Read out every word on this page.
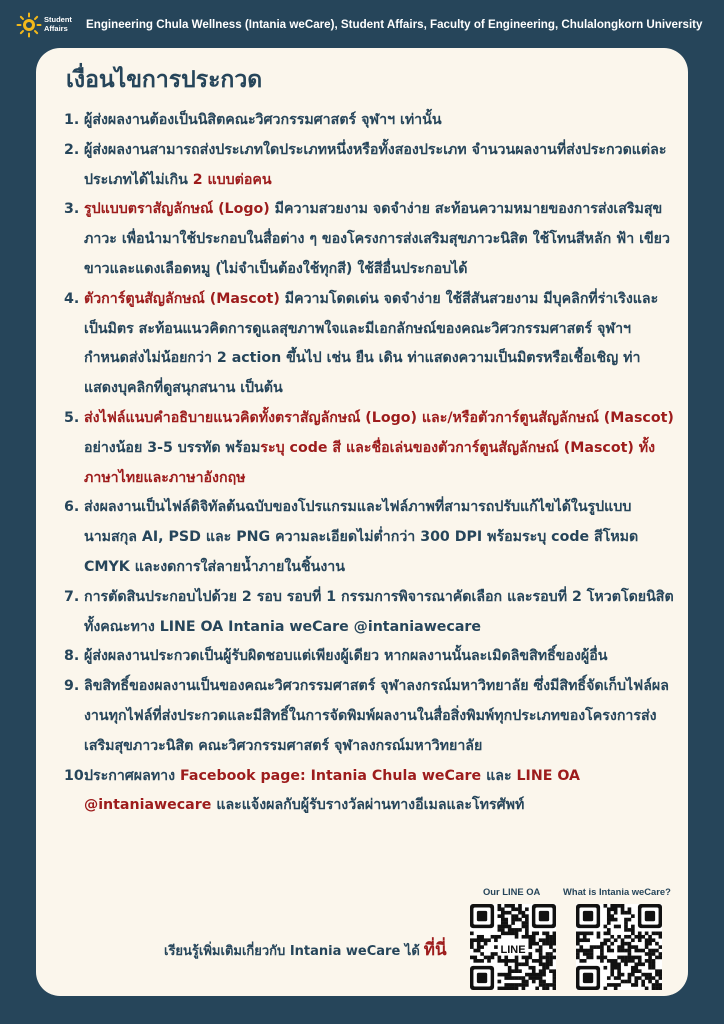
Student
Affairs	Engineering Chula Wellness (Intania weCare), Student Affairs, Faculty of Engineering, Chulalongkorn University
เงื่อนไขการประกวด
1. ผู้ส่งผลงานต้องเป็นนิสิตคณะวิศวกรรมศาสตร์ จุฬาฯ เท่านั้น
2. ผู้ส่งผลงานสามารถส่งประเภทใดประเภทหนึ่งหรือทั้งสองประเภท จำนวนผลงานที่ส่งประกวดแต่ละประเภทได้ไม่เกิน 2 แบบต่อคน
3. รูปแบบตราสัญลักษณ์ (Logo) มีความสวยงาม จดจำง่าย สะท้อนความหมายของการส่งเสริมสุขภาวะ เพื่อนำมาใช้ประกอบในสื่อต่าง ๆ ของโครงการส่งเสริมสุขภาวะนิสิต ใช้โทนสีหลัก ฟ้า เขียว ขาวและแดงเลือดหมู (ไม่จำเป็นต้องใช้ทุกสี) ใช้สีอื่นประกอบได้
4. ตัวการ์ตูนสัญลักษณ์ (Mascot) มีความโดดเด่น จดจำง่าย ใช้สีสันสวยงาม มีบุคลิกที่ร่าเริงและเป็นมิตร สะท้อนแนวคิดการดูแลสุขภาพใจและมีเอกลักษณ์ของคณะวิศวกรรมศาสตร์ จุฬาฯ กำหนดส่งไม่น้อยกว่า 2 action ขึ้นไป เช่น ยืน เดิน ท่าแสดงความเป็นมิตรหรือเชื้อเชิญ ท่าแสดงบุคลิกที่ดูสนุกสนาน เป็นต้น
5. ส่งไฟล์แนบคำอธิบายแนวคิดทั้งตราสัญลักษณ์ (Logo) และ/หรือตัวการ์ตูนสัญลักษณ์ (Mascot) อย่างน้อย 3-5 บรรทัด พร้อมระบุ code สี และชื่อเล่นของตัวการ์ตูนสัญลักษณ์ (Mascot) ทั้งภาษาไทยและภาษาอังกฤษ
6. ส่งผลงานเป็นไฟล์ดิจิทัลต้นฉบับของโปรแกรมและไฟล์ภาพที่สามารถปรับแก้ไขได้ในรูปแบบนามสกุล AI, PSD และ PNG ความละเอียดไม่ต่ำกว่า 300 DPI พร้อมระบุ code สีโหมด CMYK และงดการใส่ลายน้ำภายในชิ้นงาน
7. การตัดสินประกอบไปด้วย 2 รอบ รอบที่ 1 กรรมการพิจารณาคัดเลือก และรอบที่ 2 โหวตโดยนิสิตทั้งคณะทาง LINE OA Intania weCare @intaniawecare
8. ผู้ส่งผลงานประกวดเป็นผู้รับผิดชอบแต่เพียงผู้เดียว หากผลงานนั้นละเมิดลิขสิทธิ์ของผู้อื่น
9. ลิขสิทธิ์ของผลงานเป็นของคณะวิศวกรรมศาสตร์ จุฬาลงกรณ์มหาวิทยาลัย ซึ่งมีสิทธิ์จัดเก็บไฟล์ผลงานทุกไฟล์ที่ส่งประกวดและมีสิทธิ์ในการจัดพิมพ์ผลงานในสื่อสิ่งพิมพ์ทุกประเภทของโครงการส่งเสริมสุขภาวะนิสิต คณะวิศวกรรมศาสตร์ จุฬาลงกรณ์มหาวิทยาลัย
10.
ประกาศผลทาง Facebook page: Intania Chula weCare และ LINE OA @intaniawecare และแจ้งผลกับผู้รับรางวัลผ่านทางอีเมลและโทรศัพท์
เรียนรู้เพิ่มเติมเกี่ยวกับ Intania weCare ได้ ที่นี่
Our LINE OA
LINE
What is Intania weCare?
